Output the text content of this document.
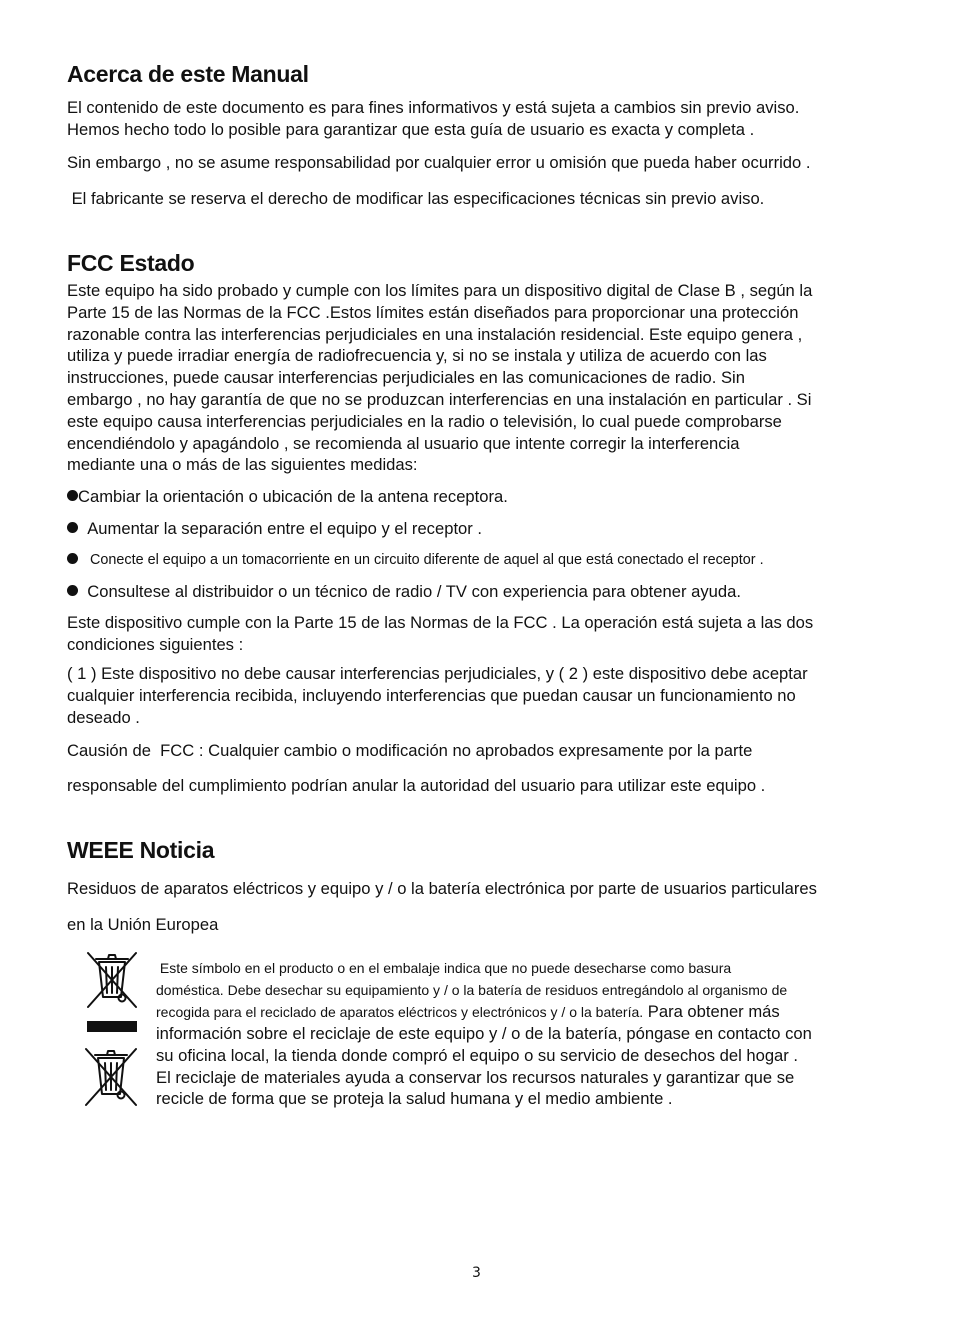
Acerca de este Manual
El contenido de este documento es para fines informativos y está sujeta a cambios sin previo aviso.
Hemos hecho todo lo posible para garantizar que esta guía de usuario es exacta y completa .
Sin embargo , no se asume responsabilidad por cualquier error u omisión que pueda haber ocurrido .
El fabricante se reserva el derecho de modificar las especificaciones técnicas sin previo aviso.
FCC Estado
Este equipo ha sido probado y cumple con los límites para un dispositivo digital de Clase B , según la
Parte 15 de las Normas de la FCC .Estos límites están diseñados para proporcionar una protección
razonable contra las interferencias perjudiciales en una instalación residencial. Este equipo genera ,
utiliza y puede irradiar energía de radiofrecuencia y, si no se instala y utiliza de acuerdo con las
instrucciones, puede causar interferencias perjudiciales en las comunicaciones de radio. Sin
embargo , no hay garantía de que no se produzcan interferencias en una instalación en particular . Si
este equipo causa interferencias perjudiciales en la radio o televisión, lo cual puede comprobarse
encendiéndolo y apagándolo , se recomienda al usuario que intente corregir la interferencia
mediante una o más de las siguientes medidas:
Cambiar la orientación o ubicación de la antena receptora.
Aumentar la separación entre el equipo y el receptor .
Conecte el equipo a un tomacorriente en un circuito diferente de aquel al que está conectado el receptor .
Consultese al distribuidor o un técnico de radio / TV con experiencia para obtener ayuda.
Este dispositivo cumple con la Parte 15 de las Normas de la FCC . La operación está sujeta a las dos
condiciones siguientes :
( 1 ) Este dispositivo no debe causar interferencias perjudiciales, y ( 2 ) este dispositivo debe aceptar
cualquier interferencia recibida, incluyendo interferencias que puedan causar un funcionamiento no
deseado .
Causión de  FCC : Cualquier cambio o modificación no aprobados expresamente por la parte
responsable del cumplimiento podrían anular la autoridad del usuario para utilizar este equipo .
WEEE Noticia
Residuos de aparatos eléctricos y equipo y / o la batería electrónica por parte de usuarios particulares
en la Unión Europea
Este símbolo en el producto o en el embalaje indica que no puede desecharse como basura
doméstica. Debe desechar su equipamiento y / o la batería de residuos entregándolo al organismo de
recogida para el reciclado de aparatos eléctricos y electrónicos y / o la batería. Para obtener más
información sobre el reciclaje de este equipo y / o de la batería, póngase en contacto con
su oficina local, la tienda donde compró el equipo o su servicio de desechos del hogar .
El reciclaje de materiales ayuda a conservar los recursos naturales y garantizar que se
recicle de forma que se proteja la salud humana y el medio ambiente .
3
